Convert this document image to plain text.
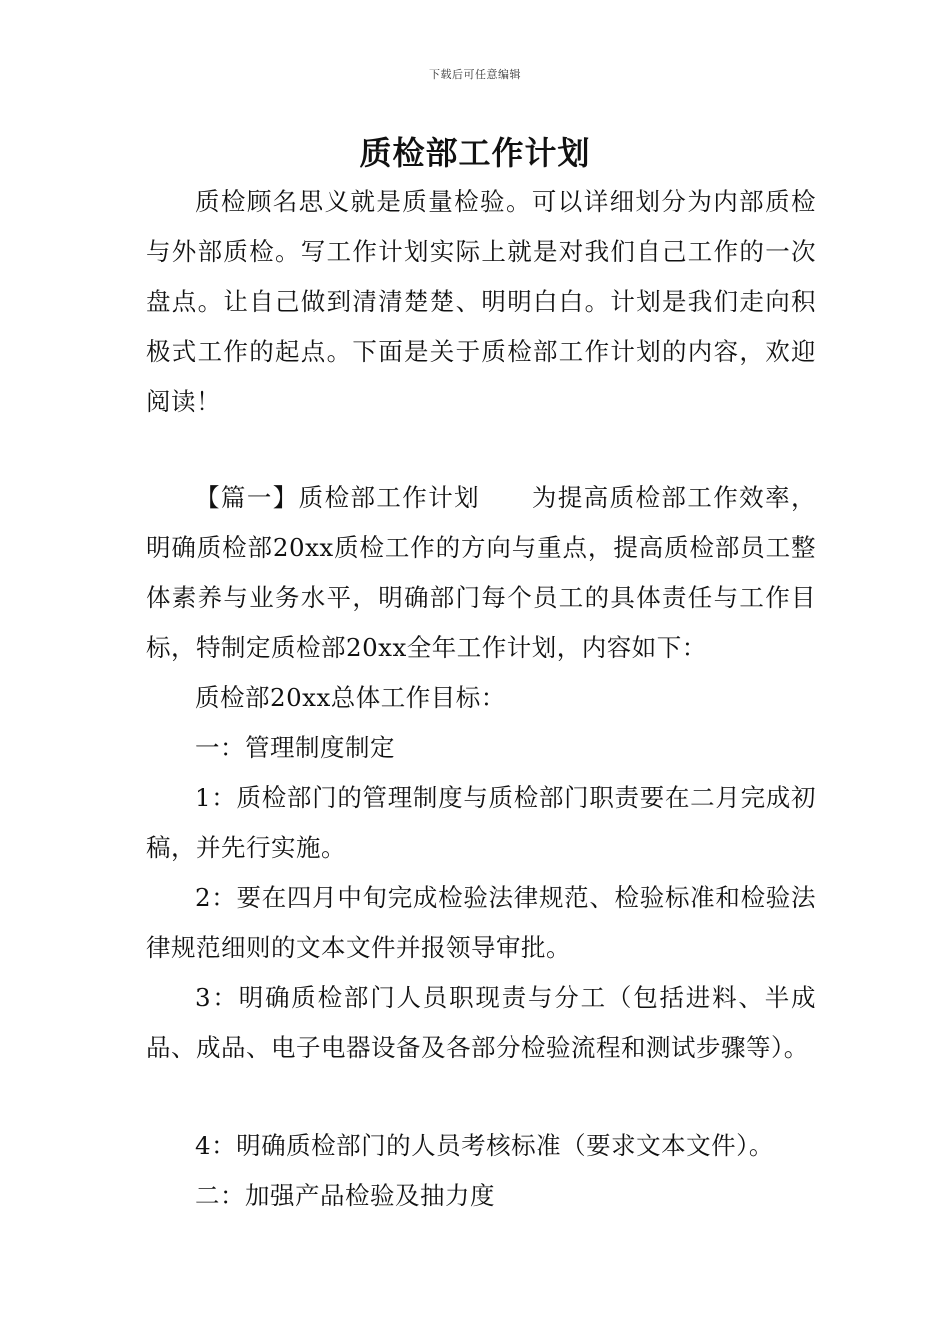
下载后可任意编辑
质检部工作计划

质检顾名思义就是质量检验。可以详细划分为内部质检与外部质检。写工作计划实际上就是对我们自己工作的一次盘点。让自己做到清清楚楚、明明白白。计划是我们走向积极式工作的起点。下面是关于质检部工作计划的内容，欢迎阅读！

【篇一】质检部工作计划　　为提高质检部工作效率，明确质检部20xx质检工作的方向与重点，提高质检部员工整体素养与业务水平，明确部门每个员工的具体责任与工作目标，特制定质检部20xx全年工作计划，内容如下：

质检部20xx总体工作目标：

一：管理制度制定

1：质检部门的管理制度与质检部门职责要在二月完成初稿，并先行实施。

2：要在四月中旬完成检验法律规范、检验标准和检验法律规范细则的文本文件并报领导审批。

3：明确质检部门人员职现责与分工（包括进料、半成品、成品、电子电器设备及各部分检验流程和测试步骤等）。

4：明确质检部门的人员考核标准（要求文本文件）。

二：加强产品检验及抽力度
